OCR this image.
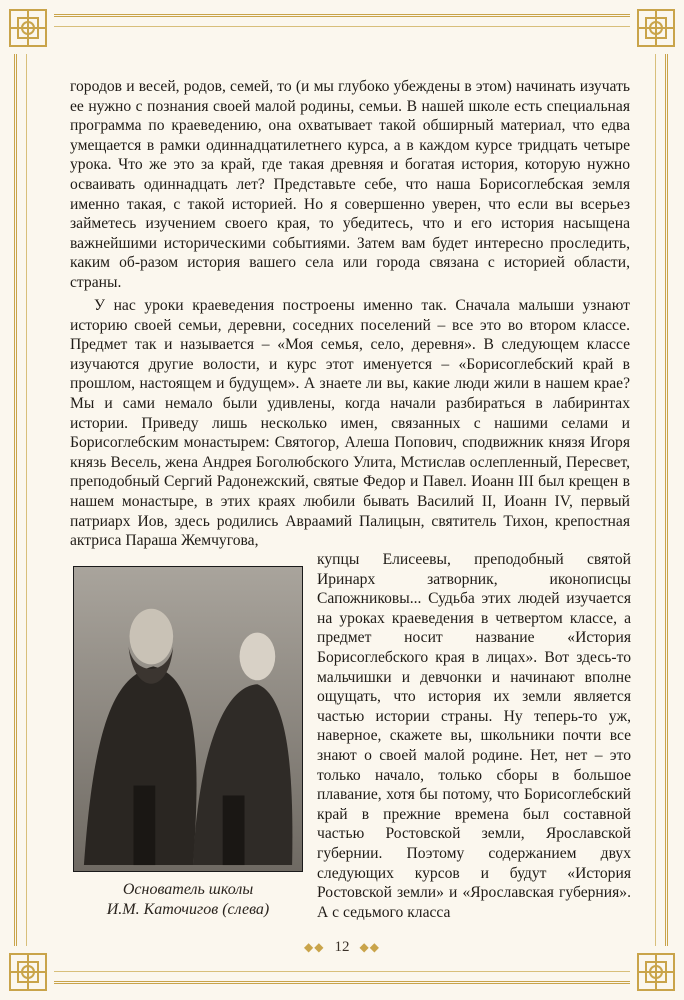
городов и весей, родов, семей, то (и мы глубоко убеждены в этом) начинать изучать ее нужно с познания своей малой родины, семьи. В нашей школе есть специальная программа по краеведению, она охватывает такой обширный материал, что едва умещается в рамки одиннадцатилетнего курса, а в каждом курсе тридцать четыре урока. Что же это за край, где такая древняя и богатая история, которую нужно осваивать одиннадцать лет? Представьте себе, что наша Борисоглебская земля именно такая, с такой историей. Но я совершенно уверен, что если вы всерьез займетесь изучением своего края, то убедитесь, что и его история насыщена важнейшими историческими событиями. Затем вам будет интересно проследить, каким об-разом история вашего села или города связана с историей области, страны.

У нас уроки краеведения построены именно так. Сначала малыши узнают историю своей семьи, деревни, соседних поселений – все это во втором классе. Предмет так и называется – «Моя семья, село, деревня». В следующем классе изучаются другие волости, и курс этот именуется – «Борисоглебский край в прошлом, настоящем и будущем». А знаете ли вы, какие люди жили в нашем крае? Мы и сами немало были удивлены, когда начали разбираться в лабиринтах истории. Приведу лишь несколько имен, связанных с нашими селами и Борисоглебским монастырем: Святогор, Алеша Попович, сподвижник князя Игоря князь Весель, жена Андрея Боголюбского Улита, Мстислав ослепленный, Пересвет, преподобный Сергий Радонежский, святые Федор и Павел. Иоанн III был крещен в нашем монастыре, в этих краях любили бывать Василий II, Иоанн IV, первый патриарх Иов, здесь родились Авраамий Палицын, святитель Тихон, крепостная актриса Параша Жемчугова,

Основатель школы
И.М. Каточигов (слева)

купцы Елисеевы, преподобный святой Иринарх затворник, иконописцы Сапожниковы... Судьба этих людей изучается на уроках краеведения в четвертом классе, а предмет носит название «История Борисоглебского края в лицах». Вот здесь-то мальчишки и девчонки и начинают вполне ощущать, что история их земли является частью истории страны. Ну теперь-то уж, наверное, скажете вы, школьники почти все знают о своей малой родине. Нет, нет – это только начало, только сборы в большое плавание, хотя бы потому, что Борисоглебский край в прежние времена был составной частью Ростовской земли, Ярославской губернии. Поэтому содержанием двух следующих курсов и будут «История Ростовской земли» и «Ярославская губерния». А с седьмого класса

◆◆ 12 ◆◆
